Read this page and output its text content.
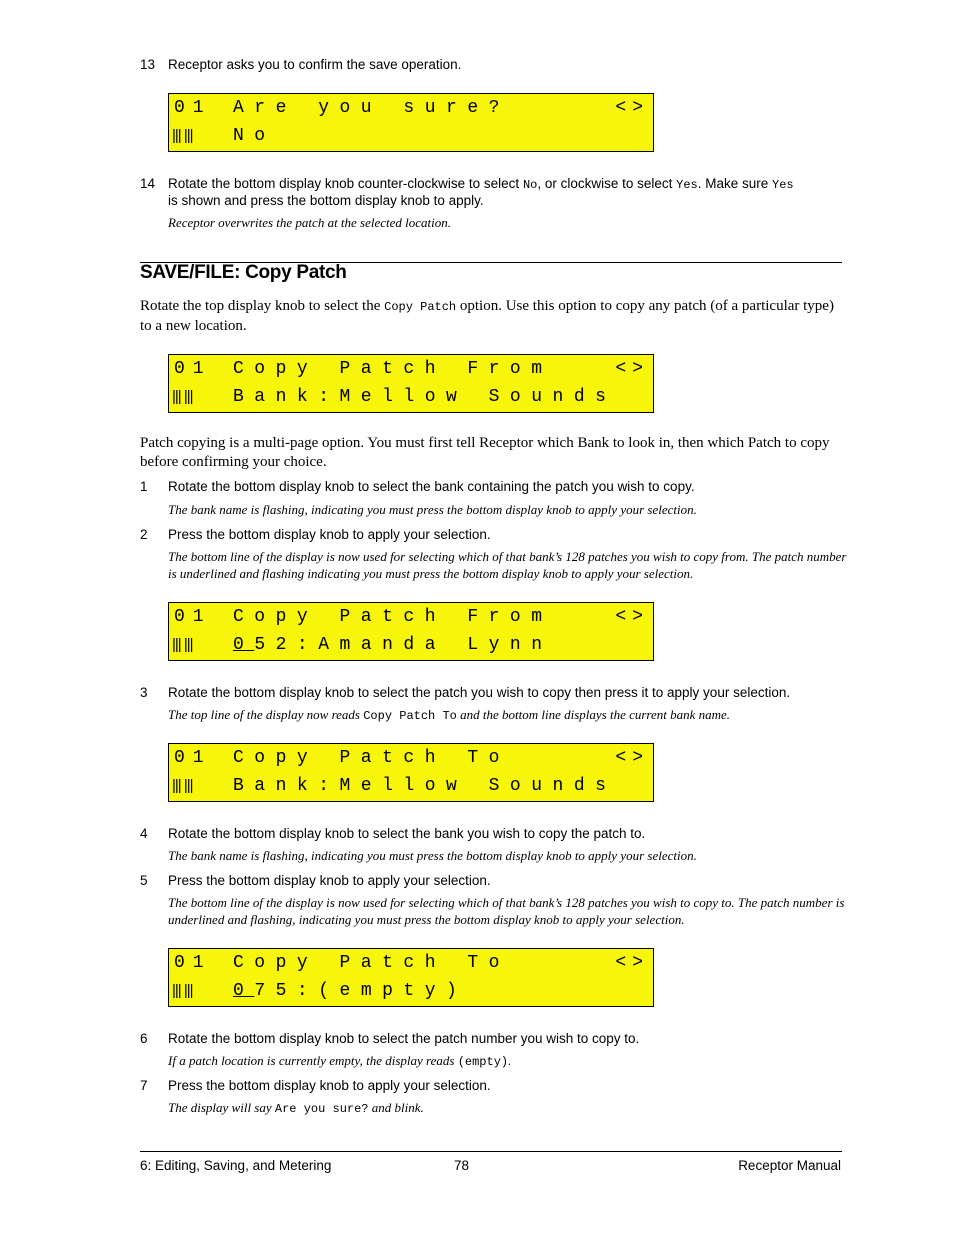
13 Receptor asks you to confirm the save operation.
01 Are you sure?	<>
||| ||| No
14 Rotate the bottom display knob counter-clockwise to select No, or clockwise to select Yes. Make sure Yes
is shown and press the bottom display knob to apply.
Receptor overwrites the patch at the selected location.
SAVE/FILE: Copy Patch
Rotate the top display knob to select the Copy Patch option. Use this option to copy any patch (of a particular type) to a new location.
01 Copy Patch From	<>
||| ||| Bank:Mellow Sounds
Patch copying is a multi-page option. You must first tell Receptor which Bank to look in, then which Patch to copy before confirming your choice.
1 Rotate the bottom display knob to select the bank containing the patch you wish to copy.
The bank name is flashing, indicating you must press the bottom display knob to apply your selection.
2 Press the bottom display knob to apply your selection.
The bottom line of the display is now used for selecting which of that bank’s 128 patches you wish to copy from. The patch number is underlined and flashing indicating you must press the bottom display knob to apply your selection.
01 Copy Patch From	<>
||| ||| 052:Amanda Lynn
3 Rotate the bottom display knob to select the patch you wish to copy then press it to apply your selection.
The top line of the display now reads Copy Patch To and the bottom line displays the current bank name.
01 Copy Patch To	<>
||| ||| Bank:Mellow Sounds
4 Rotate the bottom display knob to select the bank you wish to copy the patch to.
The bank name is flashing, indicating you must press the bottom display knob to apply your selection.
5 Press the bottom display knob to apply your selection.
The bottom line of the display is now used for selecting which of that bank’s 128 patches you wish to copy to. The patch number is underlined and flashing, indicating you must press the bottom display knob to apply your selection.
01 Copy Patch To	<>
||| ||| 075:(empty)
6 Rotate the bottom display knob to select the patch number you wish to copy to.
If a patch location is currently empty, the display reads (empty).
7 Press the bottom display knob to apply your selection.
The display will say Are you sure? and blink.
6: Editing, Saving, and Metering	78	Receptor Manual
